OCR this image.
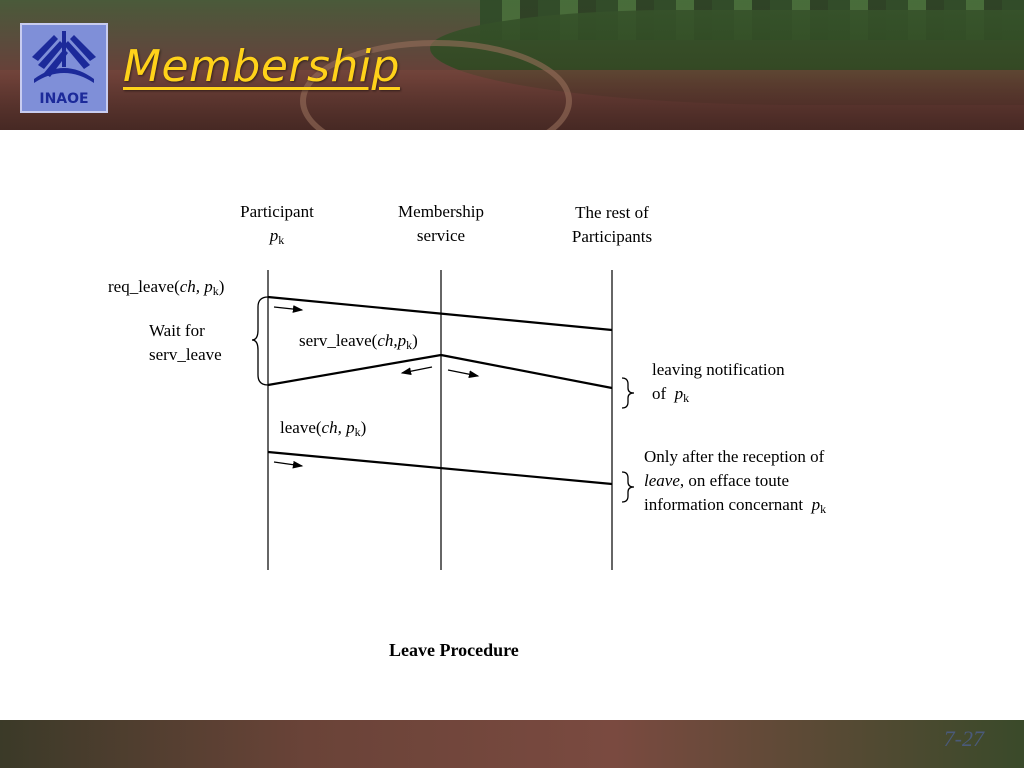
INAOE
Membership
Participant
$p_k$
Membership
service
The rest of
Participants
req_leave(ch, $p_k$)
$serv\_leave(ch,p_k)$
leave(ch, $p_k$)
Wait for
serv_leave
leaving notification
of $p_k$
Only after the reception of
leave, on efface toute
information concernant $p_k$
Leave Procedure
7-27
